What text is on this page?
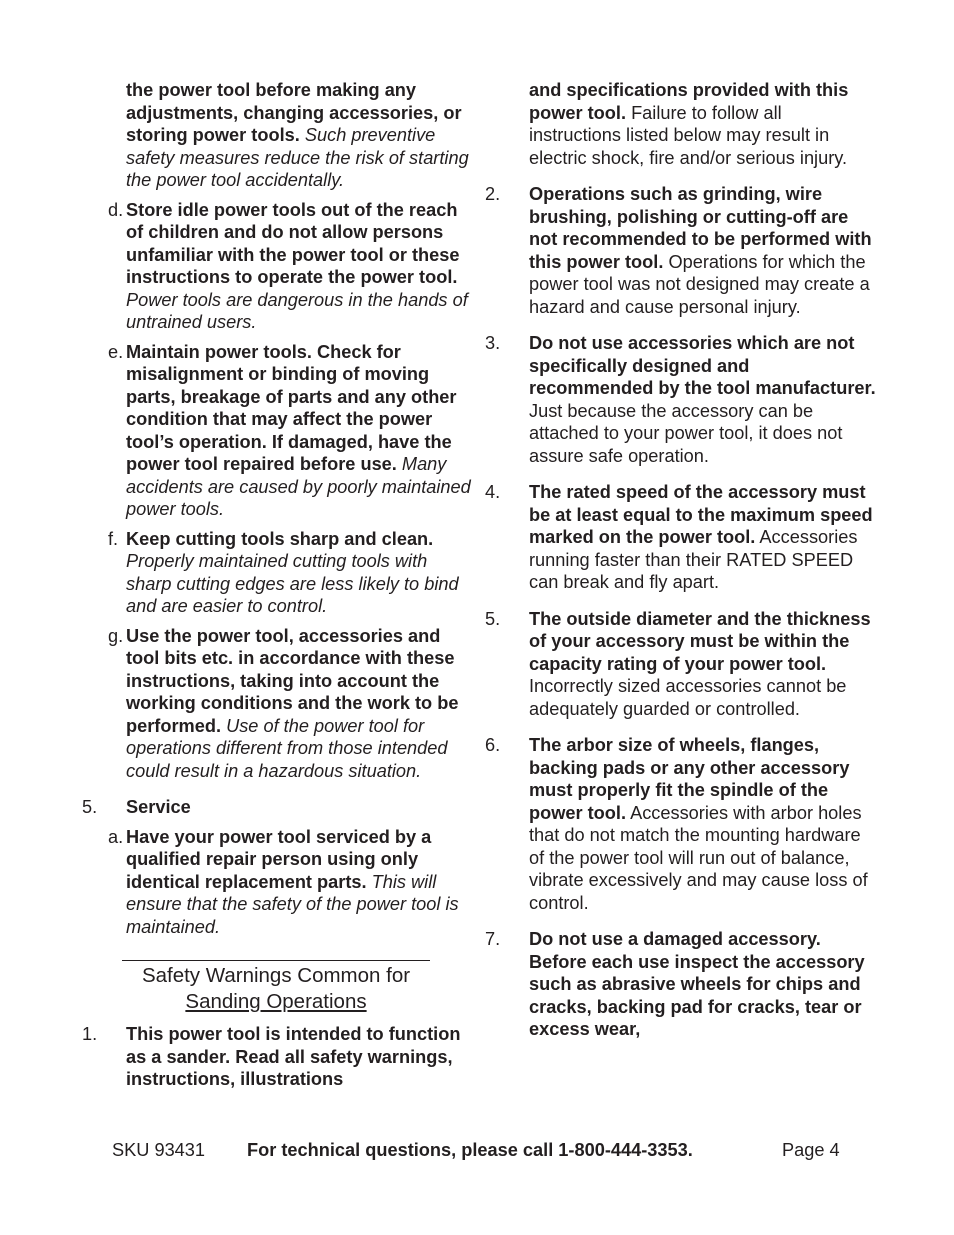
the power tool before making any adjustments, changing accessories, or storing power tools. Such preventive safety measures reduce the risk of starting the power tool accidentally.
d. Store idle power tools out of the reach of children and do not allow persons unfamiliar with the power tool or these instructions to operate the power tool. Power tools are dangerous in the hands of untrained users.
e. Maintain power tools. Check for misalignment or binding of moving parts, breakage of parts and any other condition that may affect the power tool’s operation. If damaged, have the power tool repaired before use. Many accidents are caused by poorly maintained power tools.
f. Keep cutting tools sharp and clean. Properly maintained cutting tools with sharp cutting edges are less likely to bind and are easier to control.
g. Use the power tool, accessories and tool bits etc. in accordance with these instructions, taking into account the working conditions and the work to be performed. Use of the power tool for operations different from those intended could result in a hazardous situation.
5. Service
a. Have your power tool serviced by a qualified repair person using only identical replacement parts. This will ensure that the safety of the power tool is maintained.
Safety Warnings Common for
Sanding Operations
1. This power tool is intended to function as a sander. Read all safety warnings, instructions, illustrations
and specifications provided with this power tool. Failure to follow all instructions listed below may result in electric shock, fire and/or serious injury.
2. Operations such as grinding, wire brushing, polishing or cutting-off are not recommended to be performed with this power tool. Operations for which the power tool was not designed may create a hazard and cause personal injury.
3. Do not use accessories which are not specifically designed and recommended by the tool manufacturer. Just because the accessory can be attached to your power tool, it does not assure safe operation.
4. The rated speed of the accessory must be at least equal to the maximum speed marked on the power tool. Accessories running faster than their RATED SPEED can break and fly apart.
5. The outside diameter and the thickness of your accessory must be within the capacity rating of your power tool. Incorrectly sized accessories cannot be adequately guarded or controlled.
6. The arbor size of wheels, flanges, backing pads or any other accessory must properly fit the spindle of the power tool. Accessories with arbor holes that do not match the mounting hardware of the power tool will run out of balance, vibrate excessively and may cause loss of control.
7. Do not use a damaged accessory. Before each use inspect the accessory such as abrasive wheels for chips and cracks, backing pad for cracks, tear or excess wear,
SKU 93431 For technical questions, please call 1-800-444-3353.	Page 4
